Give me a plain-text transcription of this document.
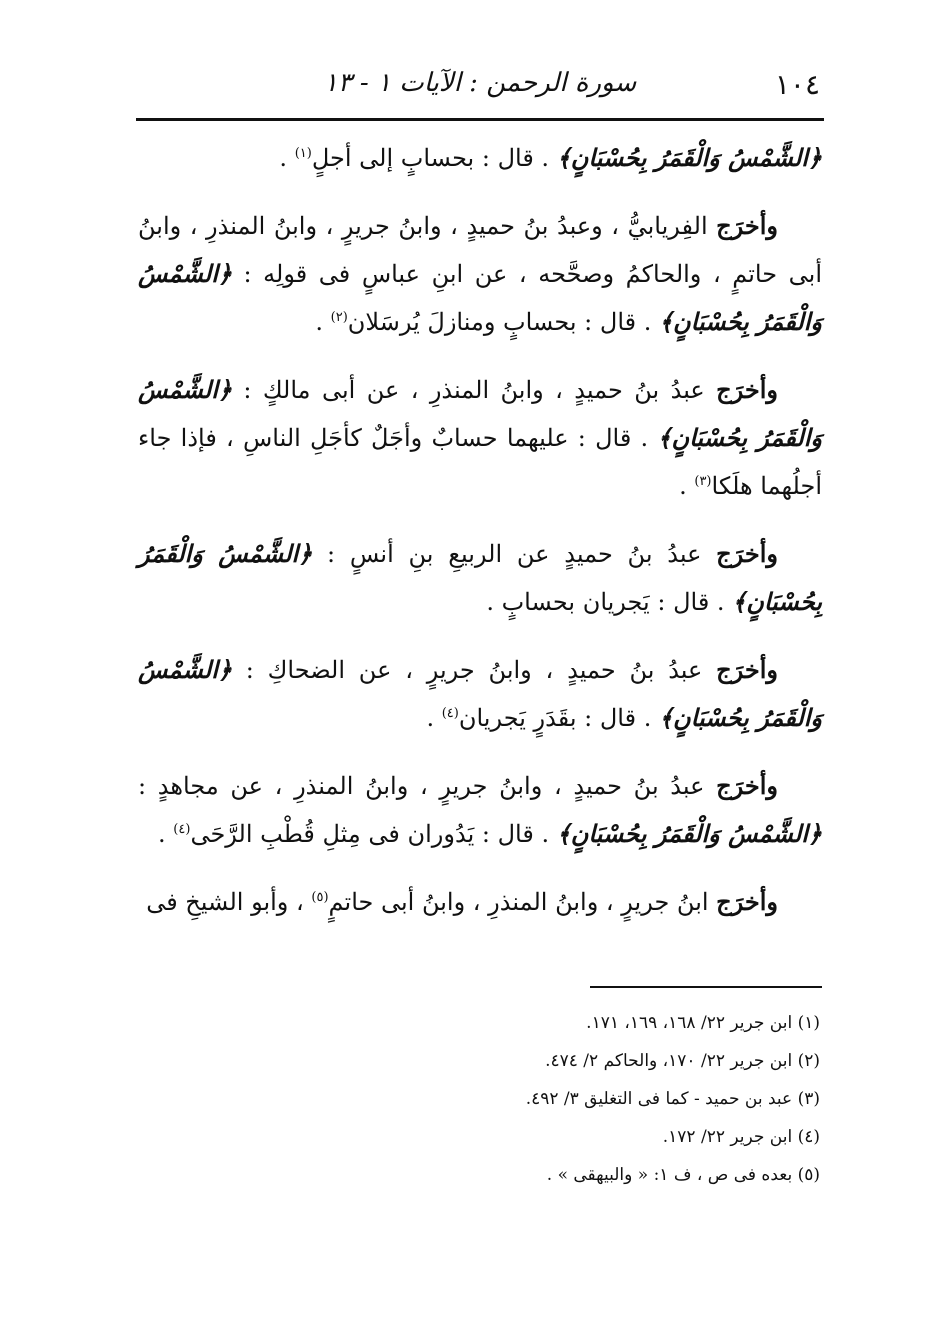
١٠٤
سورة الرحمن : الآيات ١ - ١٣

﴿الشَّمْسُ وَالْقَمَرُ بِحُسْبَانٍ﴾ . قال : بحسابٍ إلى أجلٍ$^{(١)}$ .

وأخرَج الفِريابيُّ ، وعبدُ بنُ حميدٍ ، وابنُ جريرٍ ، وابنُ المنذرِ ، وابنُ أبى حاتمٍ ، والحاكمُ وصحَّحه ، عن ابنِ عباسٍ فى قولِه : ﴿الشَّمْسُ وَالْقَمَرُ بِحُسْبَانٍ﴾ . قال : بحسابٍ ومنازلَ يُرسَلان$^{(٢)}$ .

وأخرَج عبدُ بنُ حميدٍ ، وابنُ المنذرِ ، عن أبى مالكٍ : ﴿الشَّمْسُ وَالْقَمَرُ بِحُسْبَانٍ﴾ . قال : عليهما حسابٌ وأجَلٌ كأجَلِ الناسِ ، فإذا جاء أجلُهما هلَكا$^{(٣)}$ .

وأخرَج عبدُ بنُ حميدٍ عن الربيعِ بنِ أنسٍ : ﴿الشَّمْسُ وَالْقَمَرُ بِحُسْبَانٍ﴾ . قال : يَجريان بحسابٍ .

وأخرَج عبدُ بنُ حميدٍ ، وابنُ جريرٍ ، عن الضحاكِ : ﴿الشَّمْسُ وَالْقَمَرُ بِحُسْبَانٍ﴾ . قال : بقَدَرٍ يَجريان$^{(٤)}$ .

وأخرَج عبدُ بنُ حميدٍ ، وابنُ جريرٍ ، وابنُ المنذرِ ، عن مجاهدٍ : ﴿الشَّمْسُ وَالْقَمَرُ بِحُسْبَانٍ﴾ . قال : يَدُوران فى مِثلِ قُطْبِ الرَّحَى$^{(٤)}$ .

وأخرَج ابنُ جريرٍ ، وابنُ المنذرِ ، وابنُ أبى حاتمٍ$^{(٥)}$ ، وأبو الشيخِ فى

(١) ابن جرير ٢٢/ ١٦٨، ١٦٩، ١٧١.

(٢) ابن جرير ٢٢/ ١٧٠، والحاكم ٢/ ٤٧٤.

(٣) عبد بن حميد - كما فى التغليق ٣/ ٤٩٢.

(٤) ابن جرير ٢٢/ ١٧٢.

(٥) بعده فى ص ، ف ١: « والبيهقى » .
